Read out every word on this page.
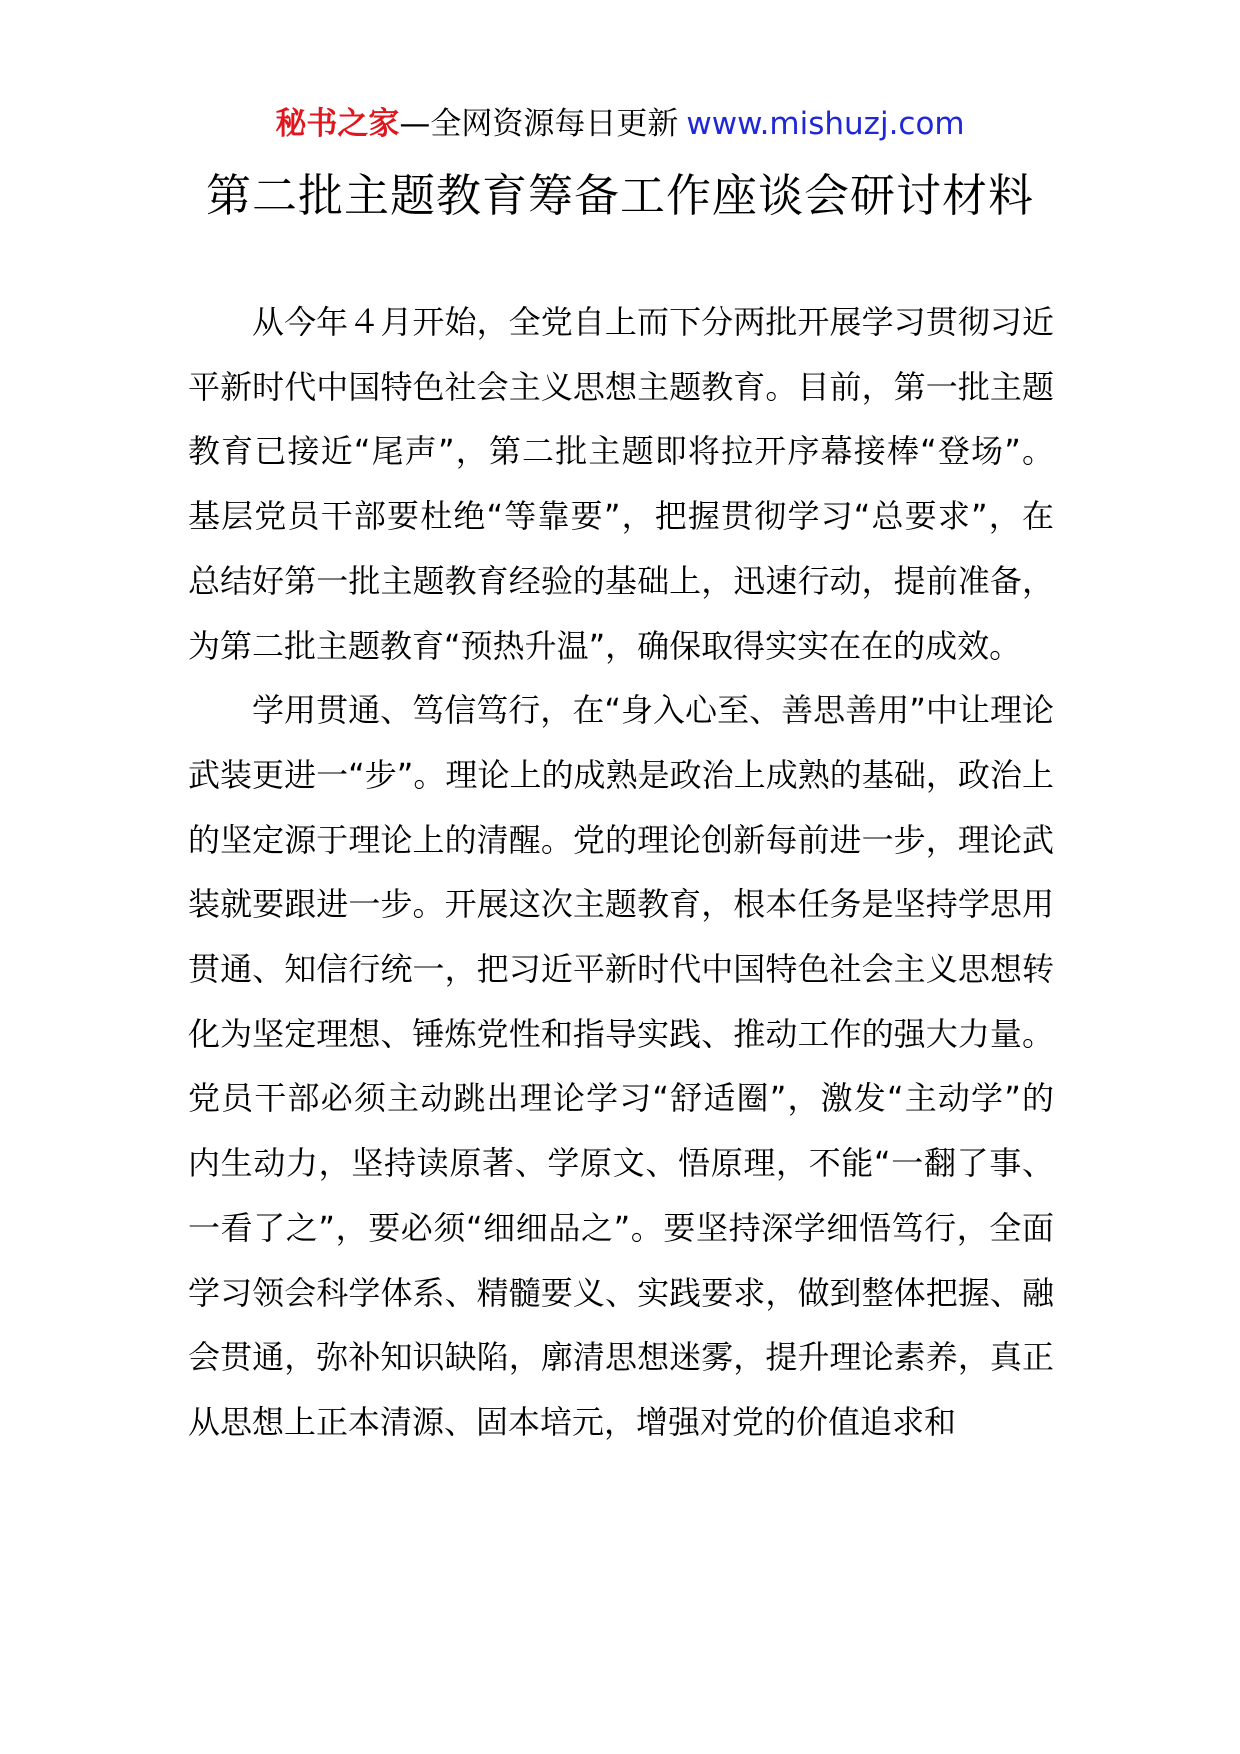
秘书之家—全网资源每日更新 www.mishuzj.com
第二批主题教育筹备工作座谈会研讨材料

从今年４月开始，全党自上而下分两批开展学习贯彻习近平新时代中国特色社会主义思想主题教育。目前，第一批主题教育已接近“尾声”，第二批主题即将拉开序幕接棒“登场”。基层党员干部要杜绝“等靠要”，把握贯彻学习“总要求”，在总结好第一批主题教育经验的基础上，迅速行动，提前准备，为第二批主题教育“预热升温”，确保取得实实在在的成效。

学用贯通、笃信笃行，在“身入心至、善思善用”中让理论武装更进一“步”。理论上的成熟是政治上成熟的基础，政治上的坚定源于理论上的清醒。党的理论创新每前进一步，理论武装就要跟进一步。开展这次主题教育，根本任务是坚持学思用贯通、知信行统一，把习近平新时代中国特色社会主义思想转化为坚定理想、锤炼党性和指导实践、推动工作的强大力量。党员干部必须主动跳出理论学习“舒适圈”，激发“主动学”的内生动力，坚持读原著、学原文、悟原理，不能“一翻了事、一看了之”，要必须“细细品之”。要坚持深学细悟笃行，全面学习领会科学体系、精髓要义、实践要求，做到整体把握、融会贯通，弥补知识缺陷，廓清思想迷雾，提升理论素养，真正从思想上正本清源、固本培元，增强对党的价值追求和
